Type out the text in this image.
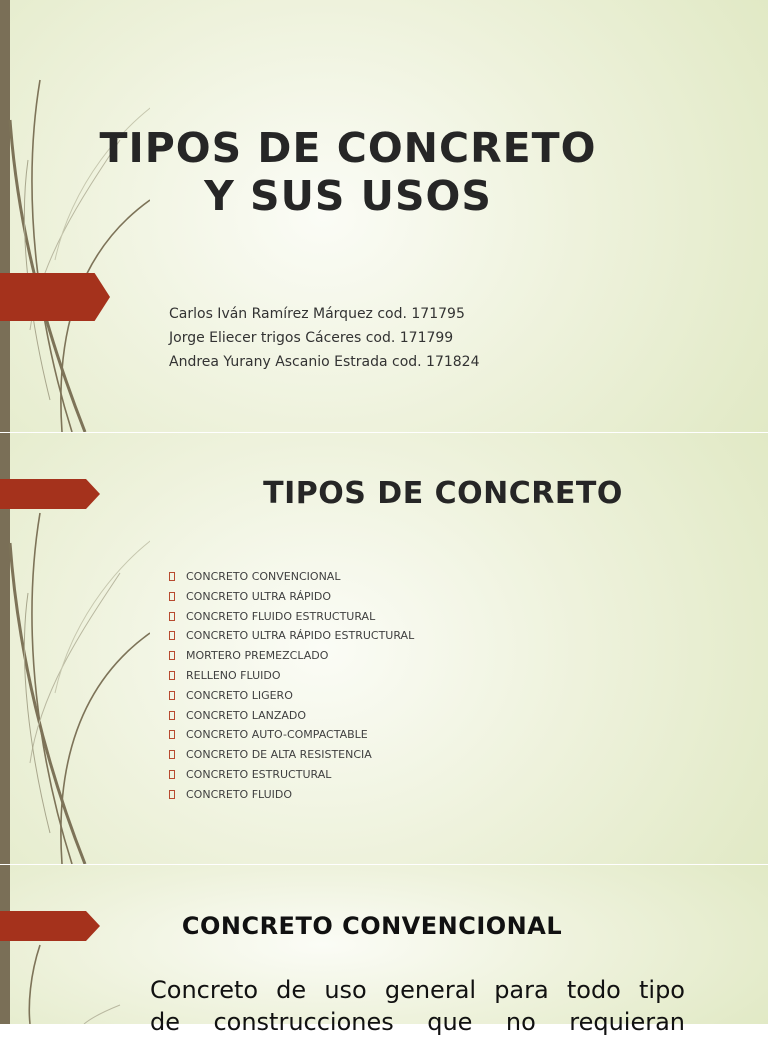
TIPOS DE CONCRETO
Y SUS USOS
Carlos Iván Ramírez Márquez cod. 171795
Jorge Eliecer trigos Cáceres cod. 171799
Andrea Yurany Ascanio Estrada cod. 171824
TIPOS DE CONCRETO
CONCRETO CONVENCIONAL
CONCRETO ULTRA RÁPIDO
CONCRETO FLUIDO ESTRUCTURAL
CONCRETO ULTRA RÁPIDO ESTRUCTURAL
MORTERO PREMEZCLADO
RELLENO FLUIDO
CONCRETO LIGERO
CONCRETO LANZADO
CONCRETO AUTO-COMPACTABLE
CONCRETO DE ALTA RESISTENCIA
CONCRETO ESTRUCTURAL
CONCRETO FLUIDO
CONCRETO CONVENCIONAL
Concreto de uso general para todo tipo
de construcciones que no requieran
